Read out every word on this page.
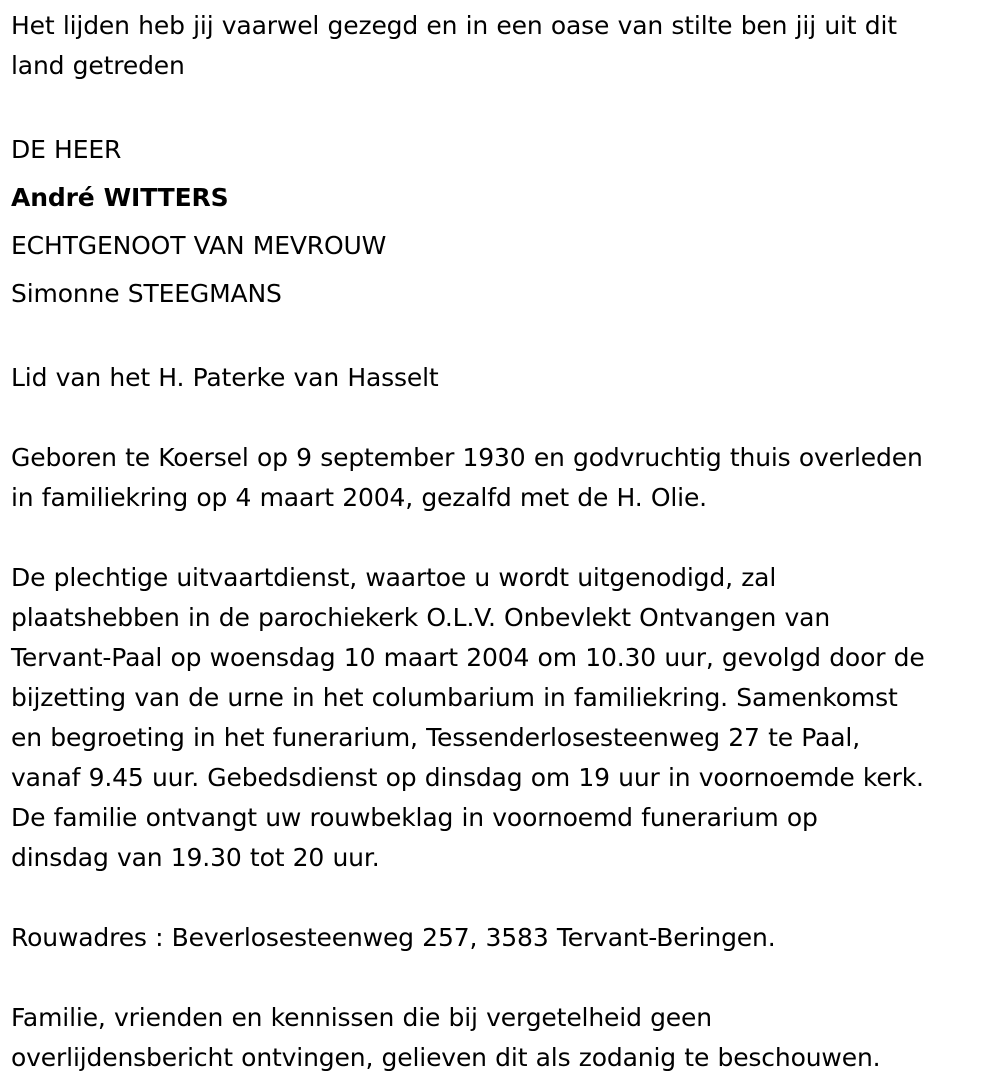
Het lijden heb jij vaarwel gezegd en in een oase van stilte ben jij uit dit
land getreden
DE HEER
André WITTERS
ECHTGENOOT VAN MEVROUW
Simonne STEEGMANS
Lid van het H. Paterke van Hasselt
Geboren te Koersel op 9 september 1930 en godvruchtig thuis overleden
in familiekring op 4 maart 2004, gezalfd met de H. Olie.
De plechtige uitvaartdienst, waartoe u wordt uitgenodigd, zal
plaatshebben in de parochiekerk O.L.V. Onbevlekt Ontvangen van
Tervant-Paal op woensdag 10 maart 2004 om 10.30 uur, gevolgd door de
bijzetting van de urne in het columbarium in familiekring. Samenkomst
en begroeting in het funerarium, Tessenderlosesteenweg 27 te Paal,
vanaf 9.45 uur. Gebedsdienst op dinsdag om 19 uur in voornoemde kerk.
De familie ontvangt uw rouwbeklag in voornoemd funerarium op
dinsdag van 19.30 tot 20 uur.
Rouwadres : Beverlosesteenweg 257, 3583 Tervant-Beringen.
Familie, vrienden en kennissen die bij vergetelheid geen
overlijdensbericht ontvingen, gelieven dit als zodanig te beschouwen.
